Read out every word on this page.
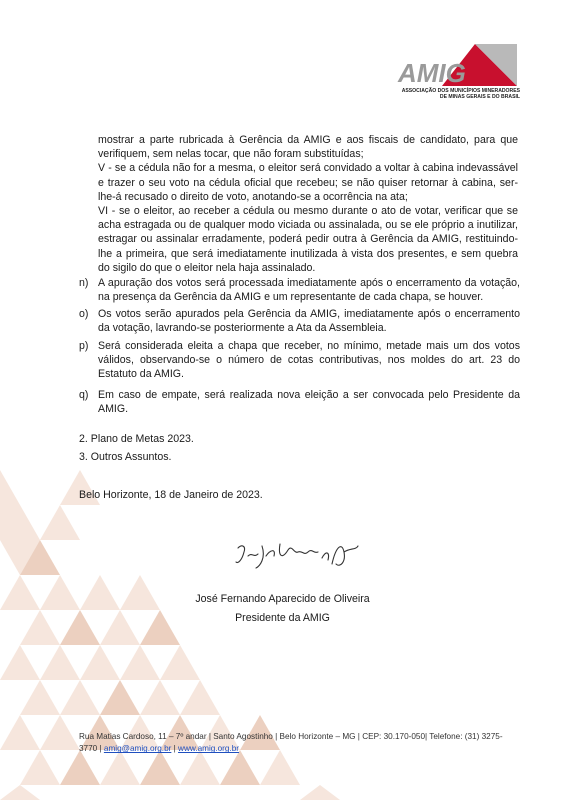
AMIG
ASSOCIAÇÃO DOS MUNICÍPIOS MINERADORES
DE MINAS GERAIS E DO BRASIL

mostrar a parte rubricada à Gerência da AMIG e aos fiscais de candidato, para que verifiquem, sem nelas tocar, que não foram substituídas;

V - se a cédula não for a mesma, o eleitor será convidado a voltar à cabina indevassável e trazer o seu voto na cédula oficial que recebeu; se não quiser retornar à cabina, ser-lhe-á recusado o direito de voto, anotando-se a ocorrência na ata;

VI - se o eleitor, ao receber a cédula ou mesmo durante o ato de votar, verificar que se acha estragada ou de qualquer modo viciada ou assinalada, ou se ele próprio a inutilizar, estragar ou assinalar erradamente, poderá pedir outra à Gerência da AMIG, restituindo-lhe a primeira, que será imediatamente inutilizada à vista dos presentes, e sem quebra do sigilo do que o eleitor nela haja assinalado.

n) A apuração dos votos será processada imediatamente após o encerramento da votação, na presença da Gerência da AMIG e um representante de cada chapa, se houver.
o) Os votos serão apurados pela Gerência da AMIG, imediatamente após o encerramento da votação, lavrando-se posteriormente a Ata da Assembleia.
p) Será considerada eleita a chapa que receber, no mínimo, metade mais um dos votos válidos, observando-se o número de cotas contributivas, nos moldes do art. 23 do Estatuto da AMIG.
q) Em caso de empate, será realizada nova eleição a ser convocada pelo Presidente da AMIG.
2. Plano de Metas 2023.
3. Outros Assuntos.
Belo Horizonte, 18 de Janeiro de 2023.
José Fernando Aparecido de Oliveira
Presidente da AMIG
Rua Matias Cardoso, 11 – 7º andar | Santo Agostinho | Belo Horizonte – MG | CEP: 30.170-050| Telefone: (31) 3275-3770 | amig@amig.org.br | www.amig.org.br
